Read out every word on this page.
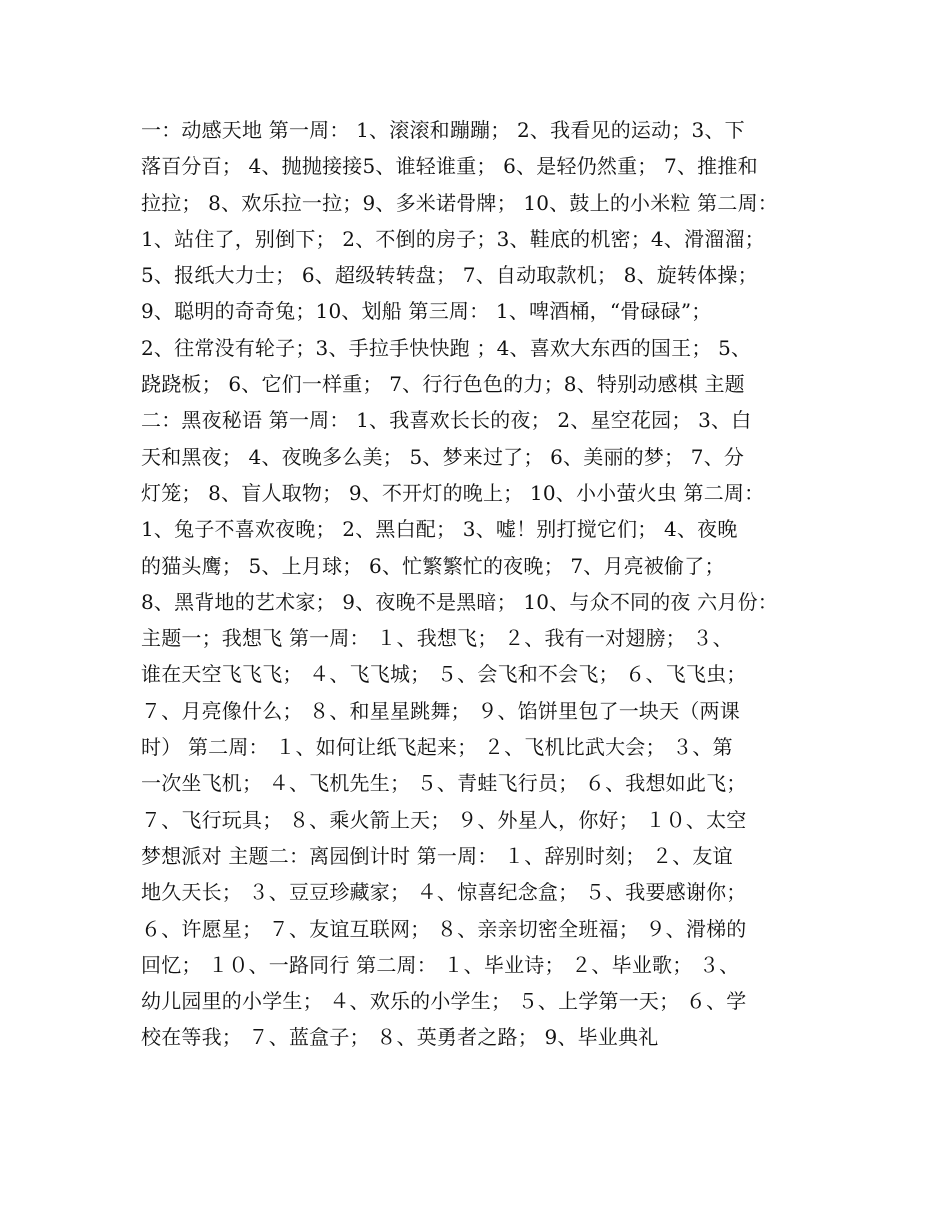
一：动感天地 第一周： 1、滚滚和蹦蹦； 2、我看见的运动；3、下
落百分百； 4、抛抛接接5、谁轻谁重； 6、是轻仍然重； 7、推推和
拉拉； 8、欢乐拉一拉；9、多米诺骨牌； 10、鼓上的小米粒 第二周：
1、站住了，别倒下； 2、不倒的房子；3、鞋底的机密；4、滑溜溜；
5、报纸大力士； 6、超级转转盘； 7、自动取款机； 8、旋转体操；
9、聪明的奇奇兔；10、划船 第三周： 1、啤酒桶，“骨碌碌”；
2、往常没有轮子；3、手拉手快快跑 ；4、喜欢大东西的国王； 5、
跷跷板； 6、它们一样重； 7、行行色色的力；8、特别动感棋 主题
二：黑夜秘语 第一周： 1、我喜欢长长的夜； 2、星空花园； 3、白
天和黑夜； 4、夜晚多么美； 5、梦来过了； 6、美丽的梦； 7、分
灯笼； 8、盲人取物； 9、不开灯的晚上； 10、小小萤火虫 第二周：
1、兔子不喜欢夜晚； 2、黑白配； 3、嘘！别打搅它们； 4、夜晚
的猫头鹰； 5、上月球； 6、忙繁繁忙的夜晚； 7、月亮被偷了；
8、黑背地的艺术家； 9、夜晚不是黑暗； 10、与众不同的夜 六月份：
主题一；我想飞 第一周： １、我想飞； ２、我有一对翅膀； ３、
谁在天空飞飞飞； ４、飞飞城； ５、会飞和不会飞； ６、飞飞虫；
７、月亮像什么； ８、和星星跳舞； ９、馅饼里包了一块天（两课
时） 第二周： １、如何让纸飞起来； ２、飞机比武大会； ３、第
一次坐飞机； ４、飞机先生； ５、青蛙飞行员； ６、我想如此飞；
７、飞行玩具； ８、乘火箭上天； ９、外星人，你好； １０、太空
梦想派对 主题二：离园倒计时 第一周： １、辞别时刻； ２、友谊
地久天长； ３、豆豆珍藏家； ４、惊喜纪念盒； ５、我要感谢你；
６、许愿星； ７、友谊互联网； ８、亲亲切密全班福； ９、滑梯的
回忆； １０、一路同行 第二周： １、毕业诗； ２、毕业歌； ３、
幼儿园里的小学生； ４、欢乐的小学生； ５、上学第一天； ６、学
校在等我； ７、蓝盒子； ８、英勇者之路； 9、毕业典礼
